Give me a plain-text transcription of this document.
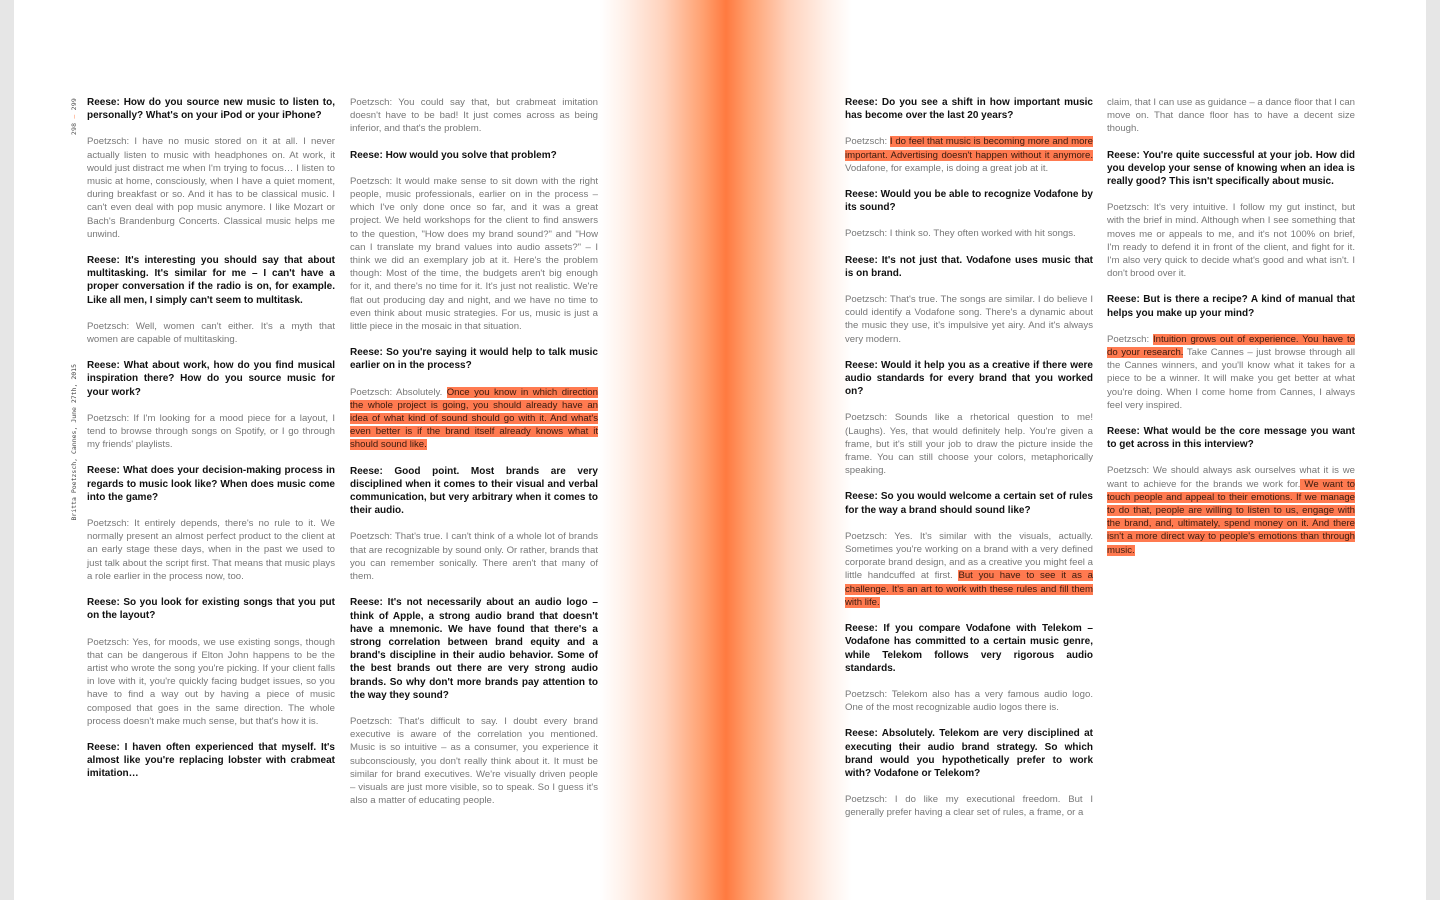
298 — 299
Britta Poetzsch, Cannes, June 27th, 2015

Reese: How do you source new music to listen to, personally? What's on your iPod or your iPhone?

Poetzsch: I have no music stored on it at all. I never actually listen to music with headphones on. At work, it would just distract me when I'm trying to focus… I listen to music at home, consciously, when I have a quiet moment, during breakfast or so. And it has to be classical music. I can't even deal with pop music anymore. I like Mozart or Bach's Brandenburg Concerts. Classical music helps me unwind.

Reese: It's interesting you should say that about multitasking. It's similar for me – I can't have a proper conversation if the radio is on, for example. Like all men, I simply can't seem to multitask.

Poetzsch: Well, women can't either. It's a myth that women are capable of multitasking.

Reese: What about work, how do you find musical inspiration there? How do you source music for your work?

Poetzsch: If I'm looking for a mood piece for a layout, I tend to browse through songs on Spotify, or I go through my friends' playlists.

Reese: What does your decision-making process in regards to music look like? When does music come into the game?

Poetzsch: It entirely depends, there's no rule to it. We normally present an almost perfect product to the client at an early stage these days, when in the past we used to just talk about the script first. That means that music plays a role earlier in the process now, too.

Reese: So you look for existing songs that you put on the layout?

Poetzsch: Yes, for moods, we use existing songs, though that can be dangerous if Elton John happens to be the artist who wrote the song you're picking. If your client falls in love with it, you're quickly facing budget issues, so you have to find a way out by having a piece of music composed that goes in the same direction. The whole process doesn't make much sense, but that's how it is.

Reese: I haven often experienced that myself. It's almost like you're replacing lobster with crabmeat imitation…

Poetzsch: You could say that, but crabmeat imitation doesn't have to be bad! It just comes across as being inferior, and that's the problem.

Reese: How would you solve that problem?

Poetzsch: It would make sense to sit down with the right people, music professionals, earlier on in the process – which I've only done once so far, and it was a great project. We held workshops for the client to find answers to the question, "How does my brand sound?" and "How can I translate my brand values into audio assets?" – I think we did an exemplary job at it. Here's the problem though: Most of the time, the budgets aren't big enough for it, and there's no time for it. It's just not realistic. We're flat out producing day and night, and we have no time to even think about music strategies. For us, music is just a little piece in the mosaic in that situation.

Reese: So you're saying it would help to talk music earlier on in the process?

Poetzsch: Absolutely. Once you know in which direction the whole project is going, you should already have an idea of what kind of sound should go with it. And what's even better is if the brand itself already knows what it should sound like.

Reese: Good point. Most brands are very disciplined when it comes to their visual and verbal communication, but very arbitrary when it comes to their audio.

Poetzsch: That's true. I can't think of a whole lot of brands that are recognizable by sound only. Or rather, brands that you can remember sonically. There aren't that many of them.

Reese: It's not necessarily about an audio logo – think of Apple, a strong audio brand that doesn't have a mnemonic. We have found that there's a strong correlation between brand equity and a brand's discipline in their audio behavior. Some of the best brands out there are very strong audio brands. So why don't more brands pay attention to the way they sound?

Poetzsch: That's difficult to say. I doubt every brand executive is aware of the correlation you mentioned. Music is so intuitive – as a consumer, you experience it subconsciously, you don't really think about it. It must be similar for brand executives. We're visually driven people – visuals are just more visible, so to speak. So I guess it's also a matter of educating people.

Reese: Do you see a shift in how important music has become over the last 20 years?

Poetzsch: I do feel that music is becoming more and more important. Advertising doesn't happen without it anymore. Vodafone, for example, is doing a great job at it.

Reese: Would you be able to recognize Vodafone by its sound?

Poetzsch: I think so. They often worked with hit songs.

Reese: It's not just that. Vodafone uses music that is on brand.

Poetzsch: That's true. The songs are similar. I do believe I could identify a Vodafone song. There's a dynamic about the music they use, it's impulsive yet airy. And it's always very modern.

Reese: Would it help you as a creative if there were audio standards for every brand that you worked on?

Poetzsch: Sounds like a rhetorical question to me! (Laughs). Yes, that would definitely help. You're given a frame, but it's still your job to draw the picture inside the frame. You can still choose your colors, metaphorically speaking.

Reese: So you would welcome a certain set of rules for the way a brand should sound like?

Poetzsch: Yes. It's similar with the visuals, actually. Sometimes you're working on a brand with a very defined corporate brand design, and as a creative you might feel a little handcuffed at first. But you have to see it as a challenge. It's an art to work with these rules and fill them with life.

Reese: If you compare Vodafone with Telekom – Vodafone has committed to a certain music genre, while Telekom follows very rigorous audio standards.

Poetzsch: Telekom also has a very famous audio logo. One of the most recognizable audio logos there is.

Reese: Absolutely. Telekom are very disciplined at executing their audio brand strategy. So which brand would you hypothetically prefer to work with? Vodafone or Telekom?

Poetzsch: I do like my executional freedom. But I generally prefer having a clear set of rules, a frame, or a

claim, that I can use as guidance – a dance floor that I can move on. That dance floor has to have a decent size though.

Reese: You're quite successful at your job. How did you develop your sense of knowing when an idea is really good? This isn't specifically about music.

Poetzsch: It's very intuitive. I follow my gut instinct, but with the brief in mind. Although when I see something that moves me or appeals to me, and it's not 100% on brief, I'm ready to defend it in front of the client, and fight for it. I'm also very quick to decide what's good and what isn't. I don't brood over it.

Reese: But is there a recipe? A kind of manual that helps you make up your mind?

Poetzsch: Intuition grows out of experience. You have to do your research. Take Cannes – just browse through all the Cannes winners, and you'll know what it takes for a piece to be a winner. It will make you get better at what you're doing. When I come home from Cannes, I always feel very inspired.

Reese: What would be the core message you want to get across in this interview?

Poetzsch: We should always ask ourselves what it is we want to achieve for the brands we work for. We want to touch people and appeal to their emotions. If we manage to do that, people are willing to listen to us, engage with the brand, and, ultimately, spend money on it. And there isn't a more direct way to people's emotions than through music.
